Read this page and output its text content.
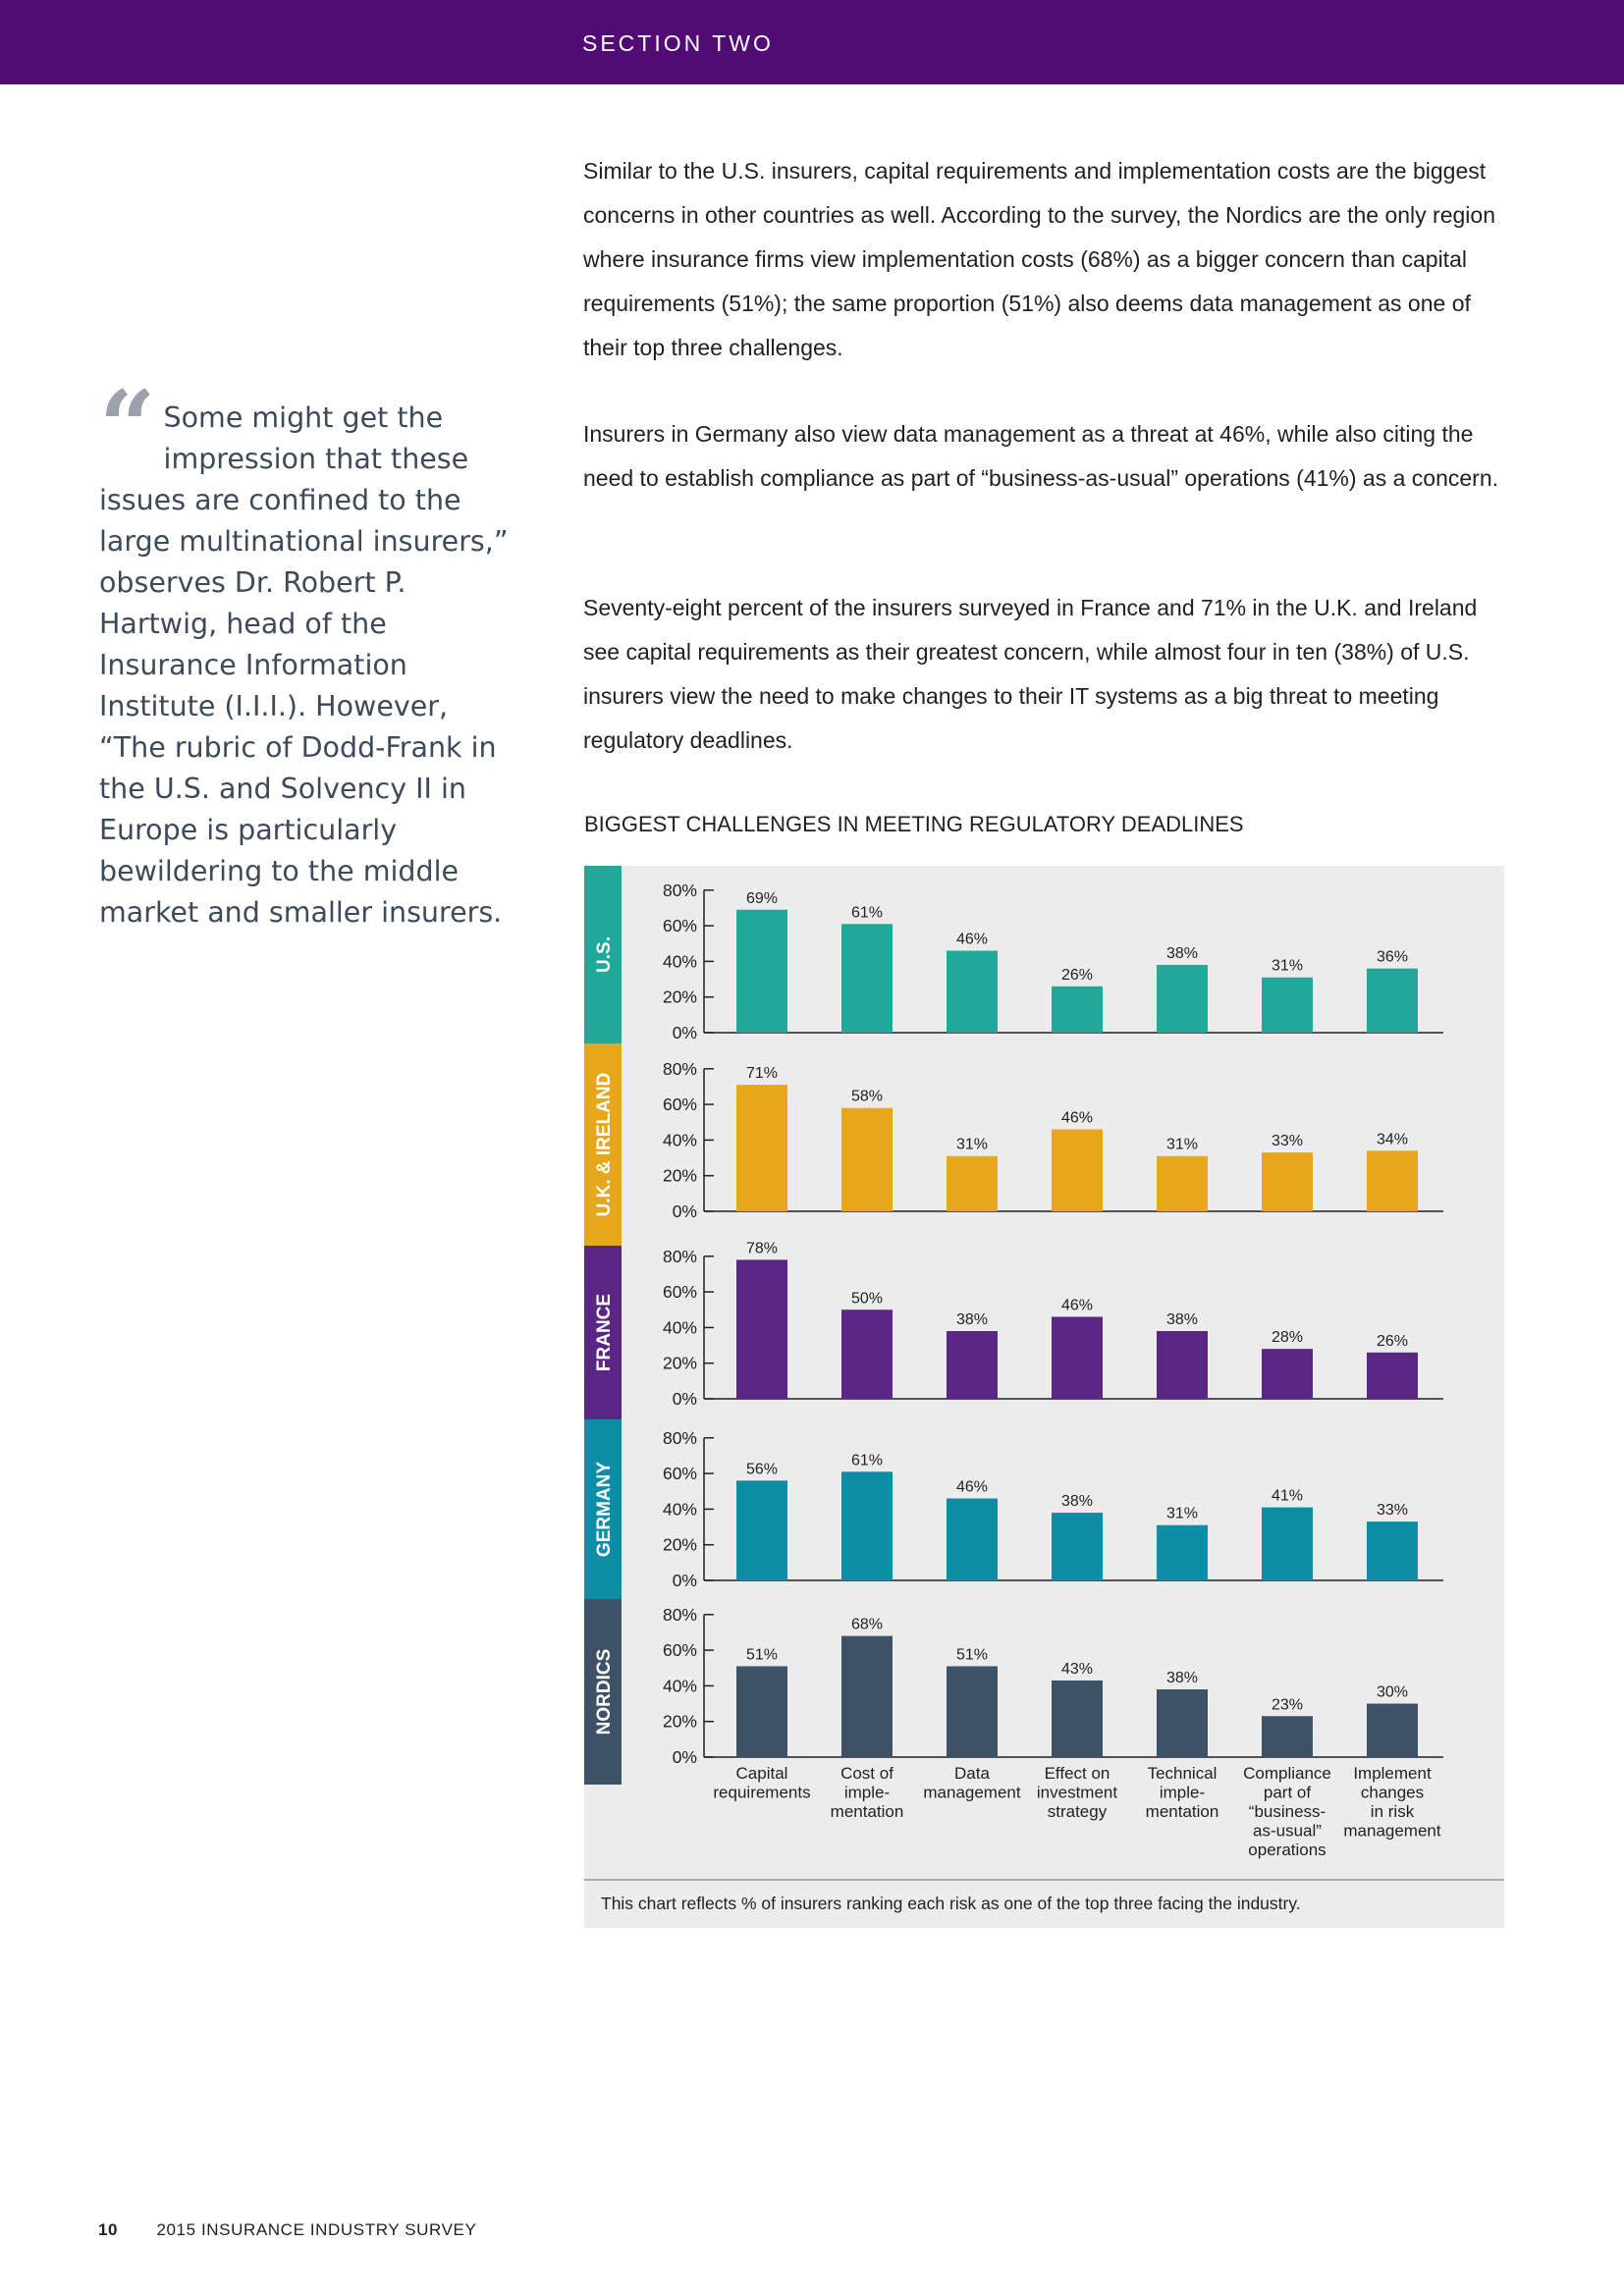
SECTION TWO

Similar to the U.S. insurers, capital requirements and implementation costs are the biggest concerns in other countries as well. According to the survey, the Nordics are the only region where insurance firms view implementation costs (68%) as a bigger concern than capital requirements (51%); the same proportion (51%) also deems data management as one of their top three challenges.

Insurers in Germany also view data management as a threat at 46%, while also citing the need to establish compliance as part of “business-as-usual” operations (41%) as a concern.

Seventy-eight percent of the insurers surveyed in France and 71% in the U.K. and Ireland see capital requirements as their greatest concern, while almost four in ten (38%) of U.S. insurers view the need to make changes to their IT systems as a big threat to meeting regulatory deadlines.

“ Some might get the impression that these issues are confined to the large multinational insurers,” observes Dr. Robert P. Hartwig, head of the Insurance Information Institute (I.I.I.). However, “The rubric of Dodd-Frank in the U.S. and Solvency II in Europe is particularly bewildering to the middle market and smaller insurers.
BIGGEST CHALLENGES IN MEETING REGULATORY DEADLINES
This chart reflects % of insurers ranking each risk as one of the top three facing the industry.
U.S.
80%
60%
40%
20%
0%
69%
61%
46%
26%
38%
31%
36%
U.K. & IRELAND
80%
60%
40%
20%
0%
71%
58%
31%
46%
31%	33%	34%
FRANCE
80%
60%
40%
20%
0%
78%
50%
38%
46%
38%
28%	26%
GERMANY
80%
60%
40%
20%
0%
56%
61%
46%
38%
31%
41%
33%
NORDICS
80%
60%
40%
20%
0%
51%
68%
51%
43%
38%
23%
30%
Capital requirements
Cost of imple-mentation
Data management
Effect on investment strategy
Technical imple-mentation
Compliance part of “business-as-usual” operations
Implement changes in risk management
10 2015 INSURANCE INDUSTRY SURVEY
